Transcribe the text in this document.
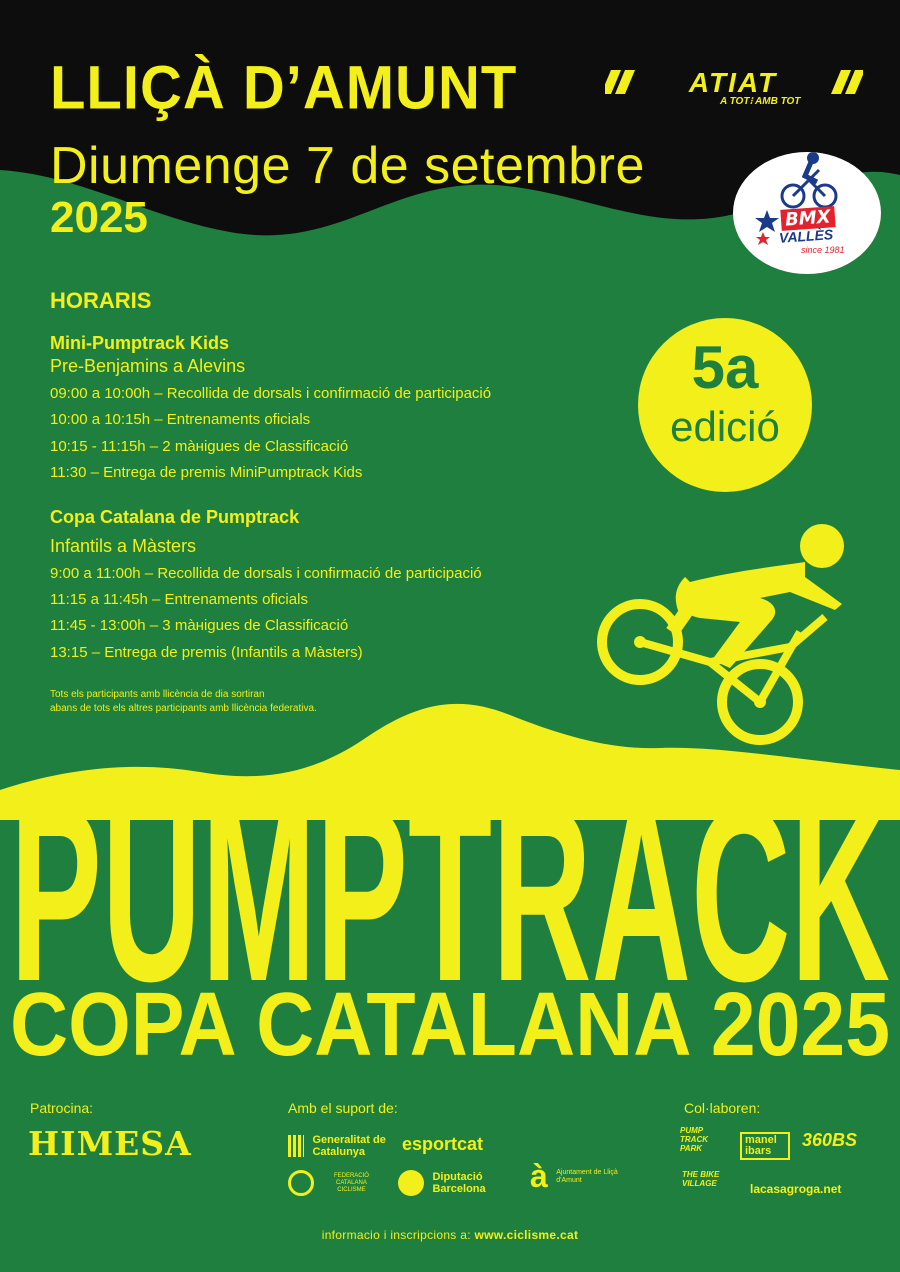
LLIÇÀ D’AMUNT
Diumenge 7 de setembre
2025
ATIAT
A TOT⁝ AMB TOT
BMX
VALLÈS
since 1981
HORARIS
Mini-Pumptrack Kids
Pre-Benjamins a Alevins
09:00 a 10:00h – Recollida de dorsals i confirmació de participació
10:00 a 10:15h – Entrenaments oficials
10:15 - 11:15h – 2 màнigues de Classificació
11:30 – Entrega de premis MiniPumptrack Kids
Copa Catalana de Pumptrack
Infantils a Màsters
9:00 a 11:00h – Recollida de dorsals i confirmació de participació
11:15 a 11:45h – Entrenaments oficials
11:45 - 13:00h – 3 màнigues de Classificació
13:15 – Entrega de premis (Infantils a Màsters)
Tots els participants amb llicència de dia sortiran
abans de tots els altres participants amb llicència federativa.
5a
edició
PUMPTRACK
COPA CATALANA 2025
Patrocina:
HIMESA
Amb el suport de:
Generalitat de Catalunya	esportcat
FEDERACIÓ CATALANA CICLISME
Diputació Barcelona à Ajuntament de Lliçà d'Amunt
Col·laboren:
PUMP TRACK PARK
manel ibars
360BS
THE BIKE VILLAGE	lacasagroga.net
informacio i inscripcions a: www.ciclisme.cat
